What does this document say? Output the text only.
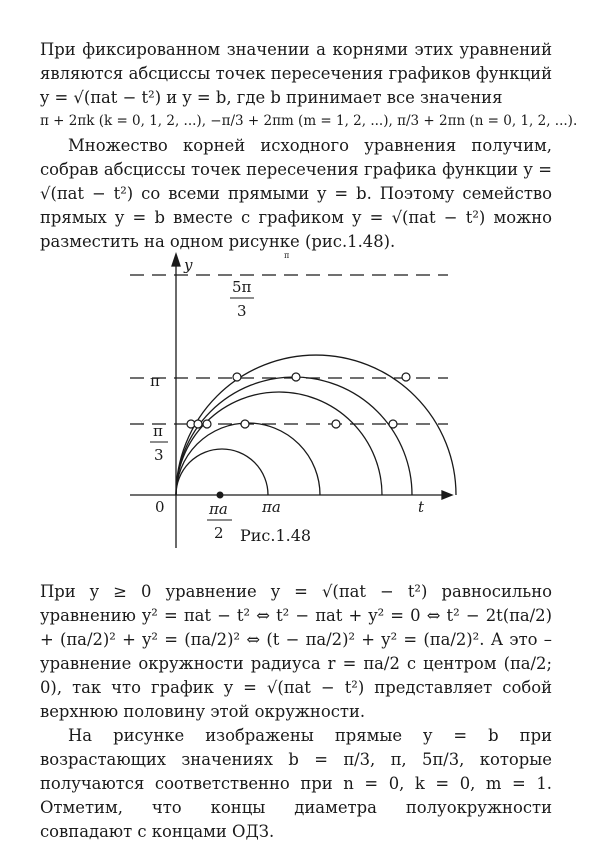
При фиксированном значении a корнями этих уравнений являются абсциссы точек пересечения графиков функций y = √(πat − t²) и y = b, где b принимает все значения

π + 2πk (k = 0, 1, 2, ...), −π/3 + 2πm (m = 1, 2, ...), π/3 + 2πn (n = 0, 1, 2, ...).

Множество корней исходного уравнения получим, собрав абсциссы точек пересечения графика функции y = √(πat − t²) со всеми прямыми y = b. Поэтому семейство прямых y = b вместе с графиком y = √(πat − t²) можно разместить на одном рисунке (рис.1.48).

y
π
5π
3
π
π
3
0	πa
2
πa	t
Рис.1.48

При y ≥ 0 уравнение y = √(πat − t²) равносильно уравнению y² = πat − t² ⇔ t² − πat + y² = 0 ⇔ t² − 2t(πa/2) + (πa/2)² + y² = (πa/2)² ⇔ (t − πa/2)² + y² = (πa/2)². А это – уравнение окружности радиуса r = πa/2 с центром (πa/2; 0), так что график y = √(πat − t²) представляет собой верхнюю половину этой окружности.

На рисунке изображены прямые y = b при возрастающих значениях b = π/3, π, 5π/3, которые получаются соответственно при n = 0, k = 0, m = 1. Отметим, что концы диаметра полуокружности совпадают с концами ОДЗ.
